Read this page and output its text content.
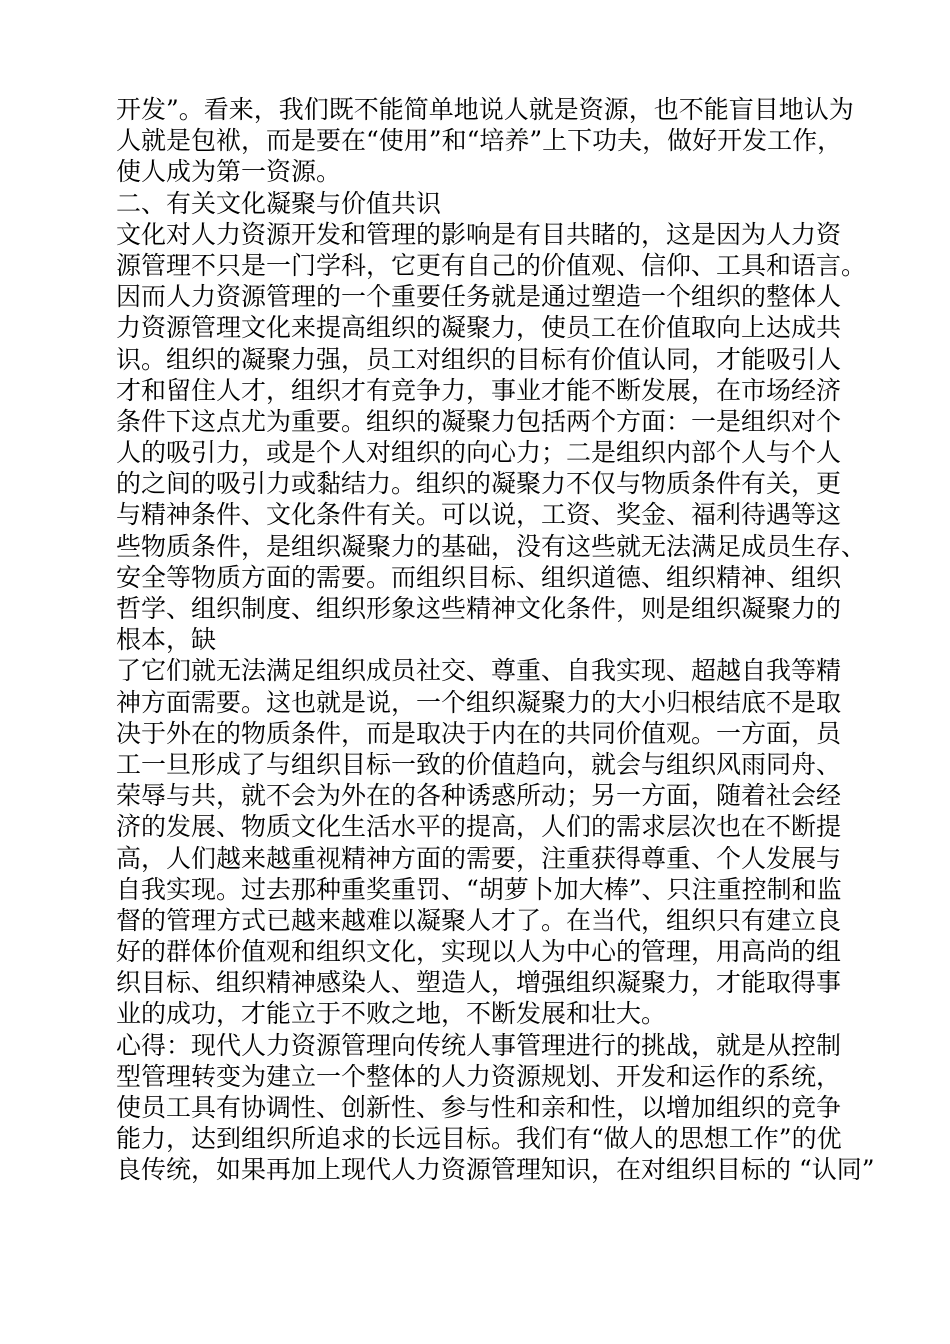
开发”。看来，我们既不能简单地说人就是资源，也不能盲目地认为
人就是包袱，而是要在“使用”和“培养”上下功夫，做好开发工作，
使人成为第一资源。
二、有关文化凝聚与价值共识
文化对人力资源开发和管理的影响是有目共睹的，这是因为人力资
源管理不只是一门学科，它更有自己的价值观、信仰、工具和语言。
因而人力资源管理的一个重要任务就是通过塑造一个组织的整体人
力资源管理文化来提高组织的凝聚力，使员工在价值取向上达成共
识。组织的凝聚力强，员工对组织的目标有价值认同，才能吸引人
才和留住人才，组织才有竞争力，事业才能不断发展，在市场经济
条件下这点尤为重要。组织的凝聚力包括两个方面：一是组织对个
人的吸引力，或是个人对组织的向心力；二是组织内部个人与个人
的之间的吸引力或黏结力。组织的凝聚力不仅与物质条件有关，更
与精神条件、文化条件有关。可以说，工资、奖金、福利待遇等这
些物质条件，是组织凝聚力的基础，没有这些就无法满足成员生存、
安全等物质方面的需要。而组织目标、组织道德、组织精神、组织
哲学、组织制度、组织形象这些精神文化条件，则是组织凝聚力的
根本，缺
了它们就无法满足组织成员社交、尊重、自我实现、超越自我等精
神方面需要。这也就是说，一个组织凝聚力的大小归根结底不是取
决于外在的物质条件，而是取决于内在的共同价值观。一方面，员
工一旦形成了与组织目标一致的价值趋向，就会与组织风雨同舟、
荣辱与共，就不会为外在的各种诱惑所动；另一方面，随着社会经
济的发展、物质文化生活水平的提高，人们的需求层次也在不断提
高，人们越来越重视精神方面的需要，注重获得尊重、个人发展与
自我实现。过去那种重奖重罚、“胡萝卜加大棒”、只注重控制和监
督的管理方式已越来越难以凝聚人才了。在当代，组织只有建立良
好的群体价值观和组织文化，实现以人为中心的管理，用高尚的组
织目标、组织精神感染人、塑造人，增强组织凝聚力，才能取得事
业的成功，才能立于不败之地，不断发展和壮大。
心得：现代人力资源管理向传统人事管理进行的挑战，就是从控制
型管理转变为建立一个整体的人力资源规划、开发和运作的系统，
使员工具有协调性、创新性、参与性和亲和性，以增加组织的竞争
能力，达到组织所追求的长远目标。我们有“做人的思想工作”的优
良传统，如果再加上现代人力资源管理知识，在对组织目标的 “认同”
